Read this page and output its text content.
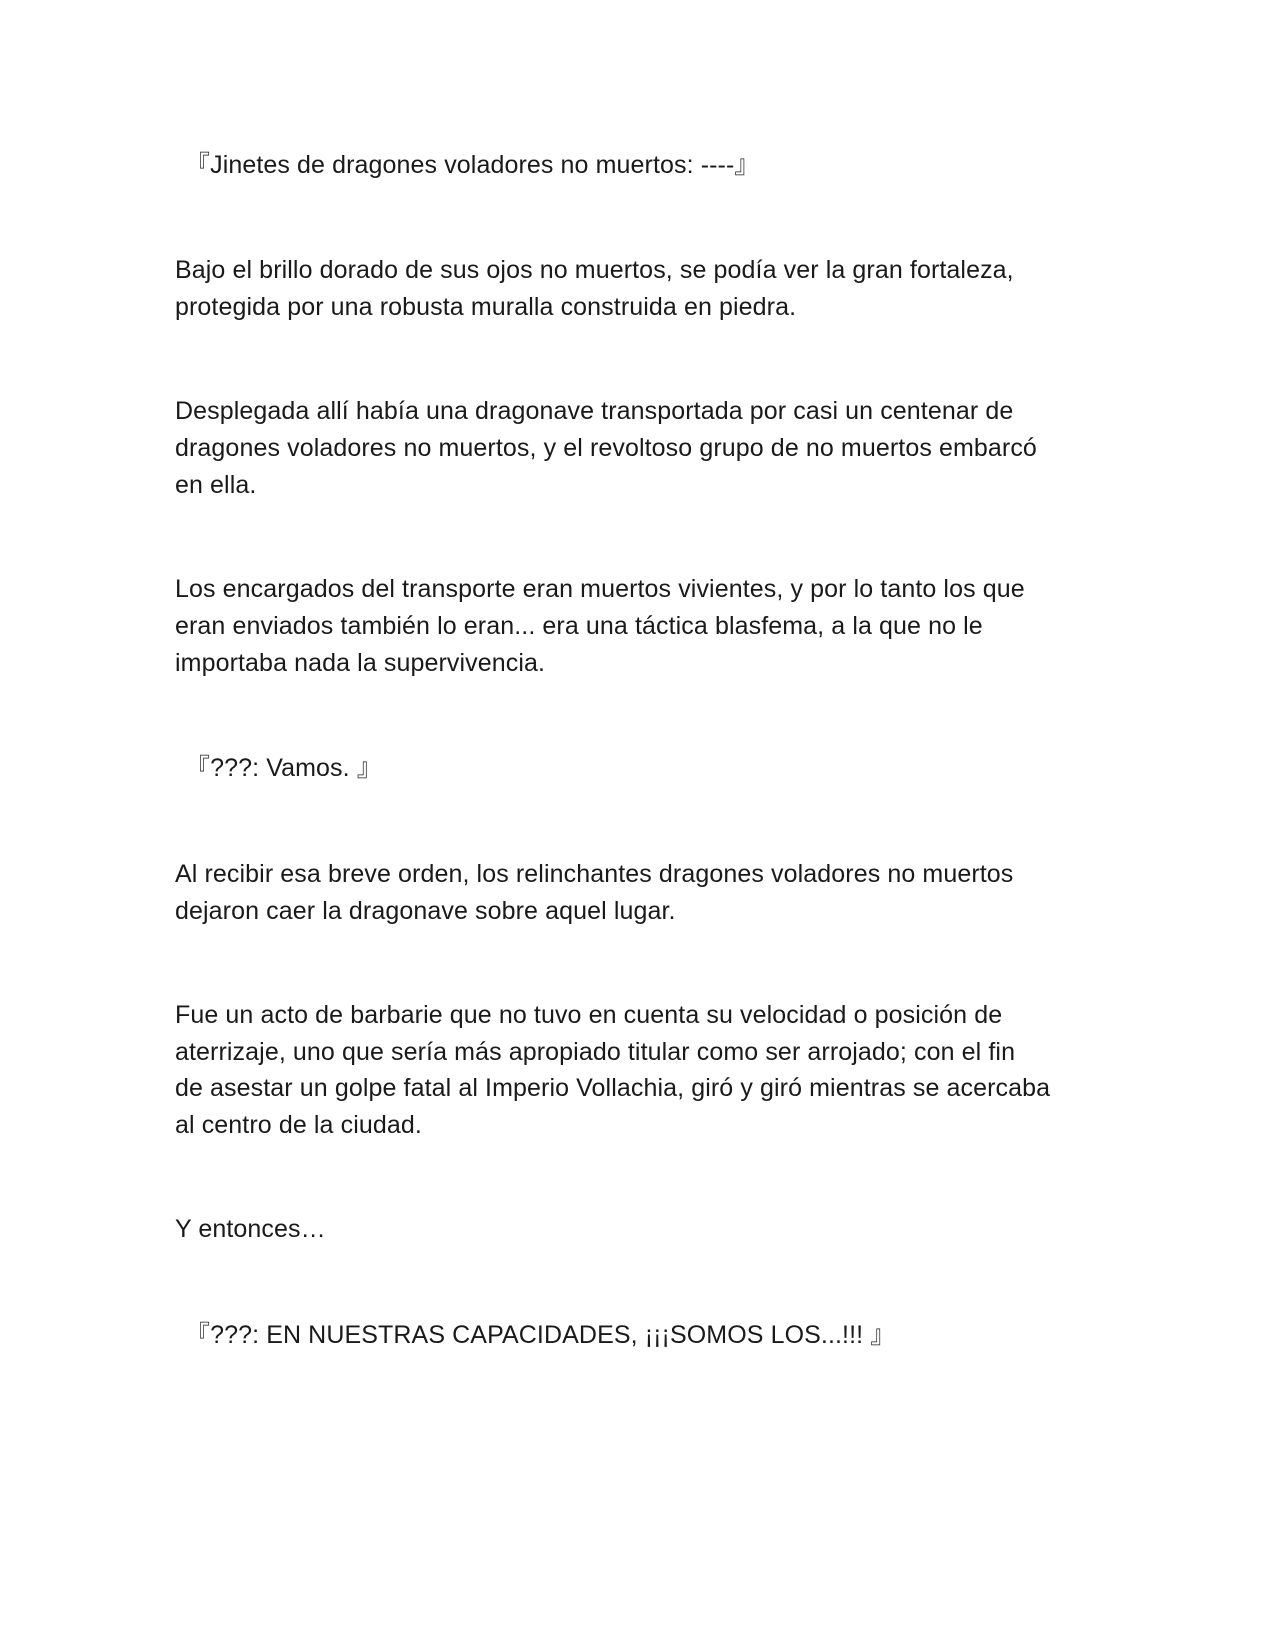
『Jinetes de dragones voladores no muertos: ----』
Bajo el brillo dorado de sus ojos no muertos, se podía ver la gran fortaleza,
protegida por una robusta muralla construida en piedra.
Desplegada allí había una dragonave transportada por casi un centenar de
dragones voladores no muertos, y el revoltoso grupo de no muertos embarcó
en ella.
Los encargados del transporte eran muertos vivientes, y por lo tanto los que
eran enviados también lo eran... era una táctica blasfema, a la que no le
importaba nada la supervivencia.
『???: Vamos. 』
Al recibir esa breve orden, los relinchantes dragones voladores no muertos
dejaron caer la dragonave sobre aquel lugar.
Fue un acto de barbarie que no tuvo en cuenta su velocidad o posición de
aterrizaje, uno que sería más apropiado titular como ser arrojado; con el fin
de asestar un golpe fatal al Imperio Vollachia, giró y giró mientras se acercaba
al centro de la ciudad.
Y entonces…
『???: EN NUESTRAS CAPACIDADES, ¡¡¡SOMOS LOS...!!! 』
